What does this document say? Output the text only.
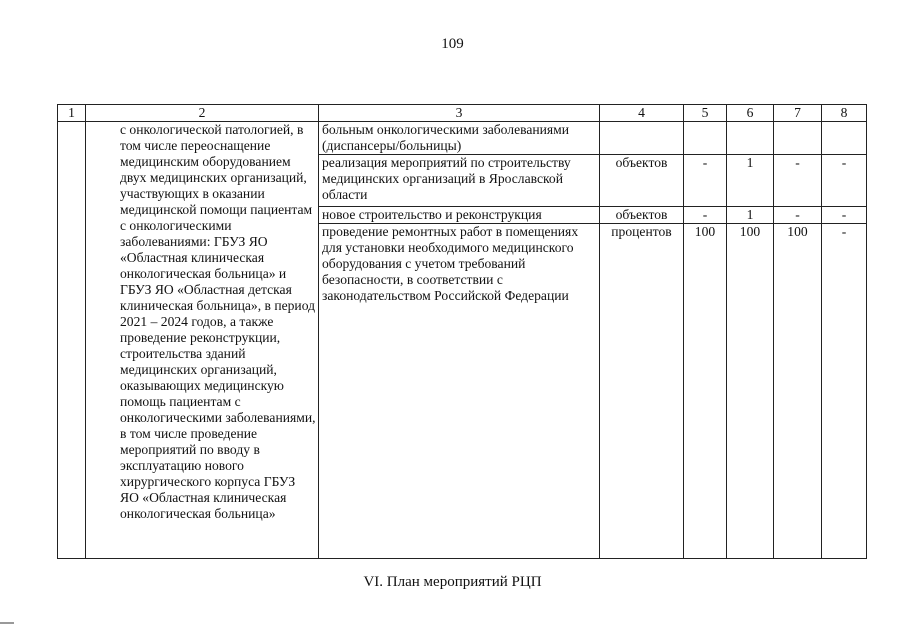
109
1	2	3	4	5	6	7	8
	с онкологической патологией, в том числе переоснащение медицинским оборудованием двух медицинских организаций, участвующих в оказании медицинской помощи пациентам с онкологическими заболеваниями: ГБУЗ ЯО «Областная клиническая онкологическая больница» и ГБУЗ ЯО «Областная детская клиническая больница», в период 2021 – 2024 годов, а также проведение реконструкции, строительства зданий медицинских организаций, оказывающих медицинскую помощь пациентам с онкологическими заболеваниями, в том числе проведение мероприятий по вводу в эксплуатацию нового хирургического корпуса ГБУЗ ЯО «Областная клиническая онкологическая больница»	больным онкологическими заболеваниями (диспансеры/больницы)					
		реализация мероприятий по строительству медицинских организаций в Ярославской области	объектов	-	1	-	-
		новое строительство и реконструкция	объектов	-	1	-	-
		проведение ремонтных работ в помещениях для установки необходимого медицинского оборудования с учетом требований безопасности, в соответствии с законодательством Российской Федерации	процентов	100	100	100	-
VI. План мероприятий РЦП
